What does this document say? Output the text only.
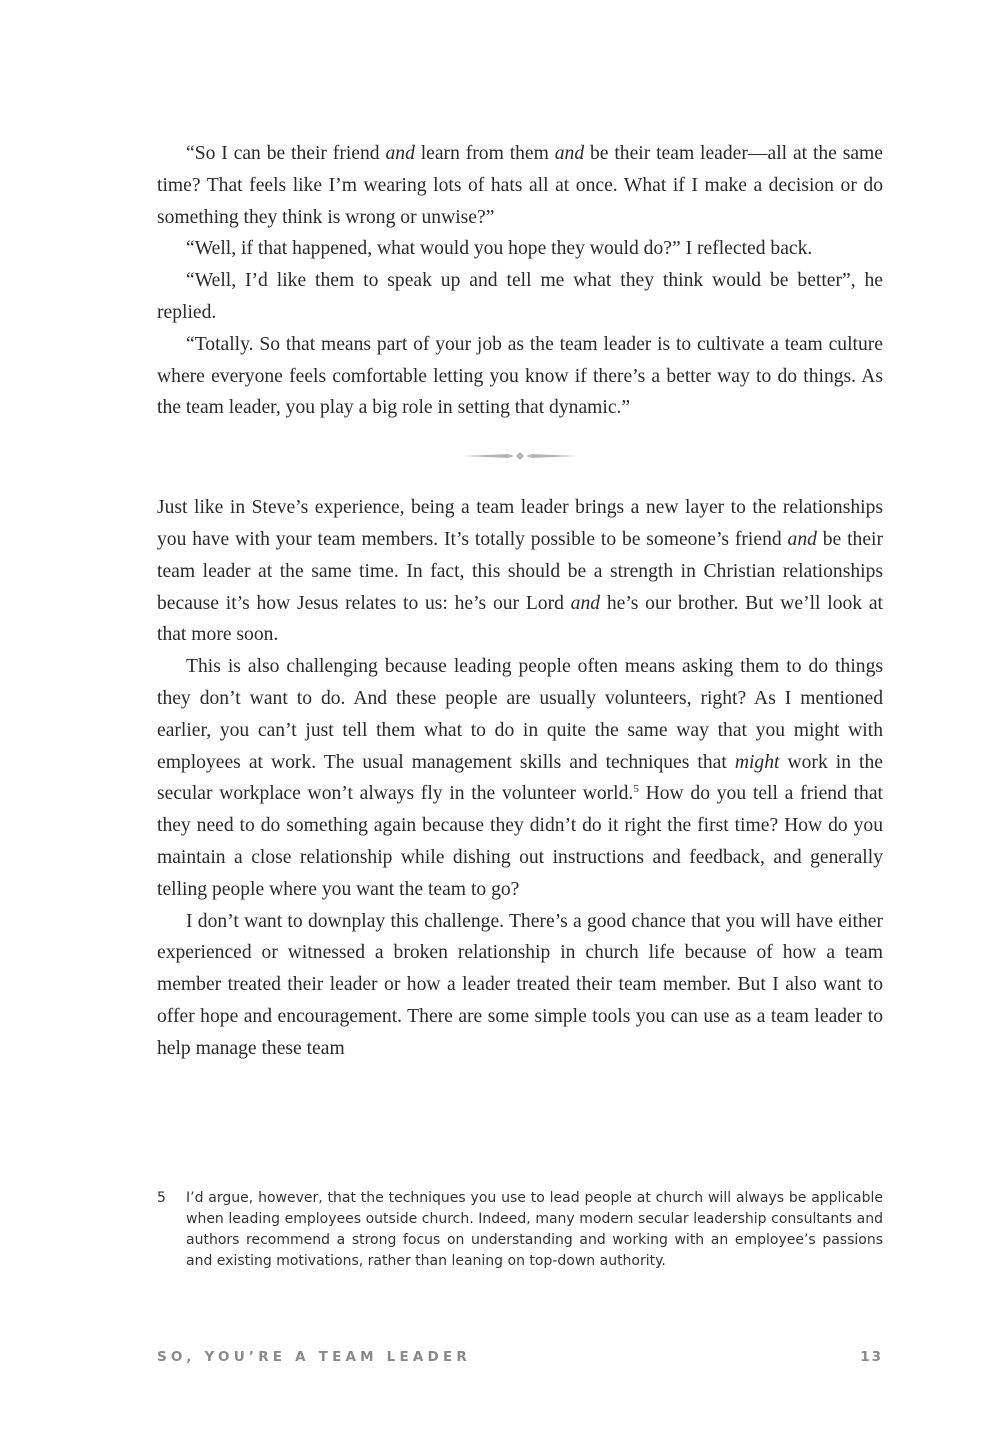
“So I can be their friend and learn from them and be their team leader—all at the same time? That feels like I’m wearing lots of hats all at once. What if I make a decision or do something they think is wrong or unwise?”

“Well, if that happened, what would you hope they would do?” I reflected back.

“Well, I’d like them to speak up and tell me what they think would be better”, he replied.

“Totally. So that means part of your job as the team leader is to cultivate a team culture where everyone feels comfortable letting you know if there’s a better way to do things. As the team leader, you play a big role in setting that dynamic.”

Just like in Steve’s experience, being a team leader brings a new layer to the relationships you have with your team members. It’s totally possible to be someone’s friend and be their team leader at the same time. In fact, this should be a strength in Christian relationships because it’s how Jesus relates to us: he’s our Lord and he’s our brother. But we’ll look at that more soon.

This is also challenging because leading people often means asking them to do things they don’t want to do. And these people are usually volunteers, right? As I mentioned earlier, you can’t just tell them what to do in quite the same way that you might with employees at work. The usual management skills and techniques that might work in the secular workplace won’t always fly in the volunteer world.$^5$ How do you tell a friend that they need to do something again because they didn’t do it right the first time? How do you maintain a close relationship while dishing out instructions and feedback, and generally telling people where you want the team to go?

I don’t want to downplay this challenge. There’s a good chance that you will have either experienced or witnessed a broken relationship in church life because of how a team member treated their leader or how a leader treated their team member. But I also want to offer hope and encouragement. There are some simple tools you can use as a team leader to help manage these team

5	I’d argue, however, that the techniques you use to lead people at church will always be applicable when leading employees outside church. Indeed, many modern secular leadership consultants and authors recommend a strong focus on understanding and working with an employee’s passions and existing motivations, rather than leaning on top-down authority.
SO, YOU’RE A TEAM LEADER	13
